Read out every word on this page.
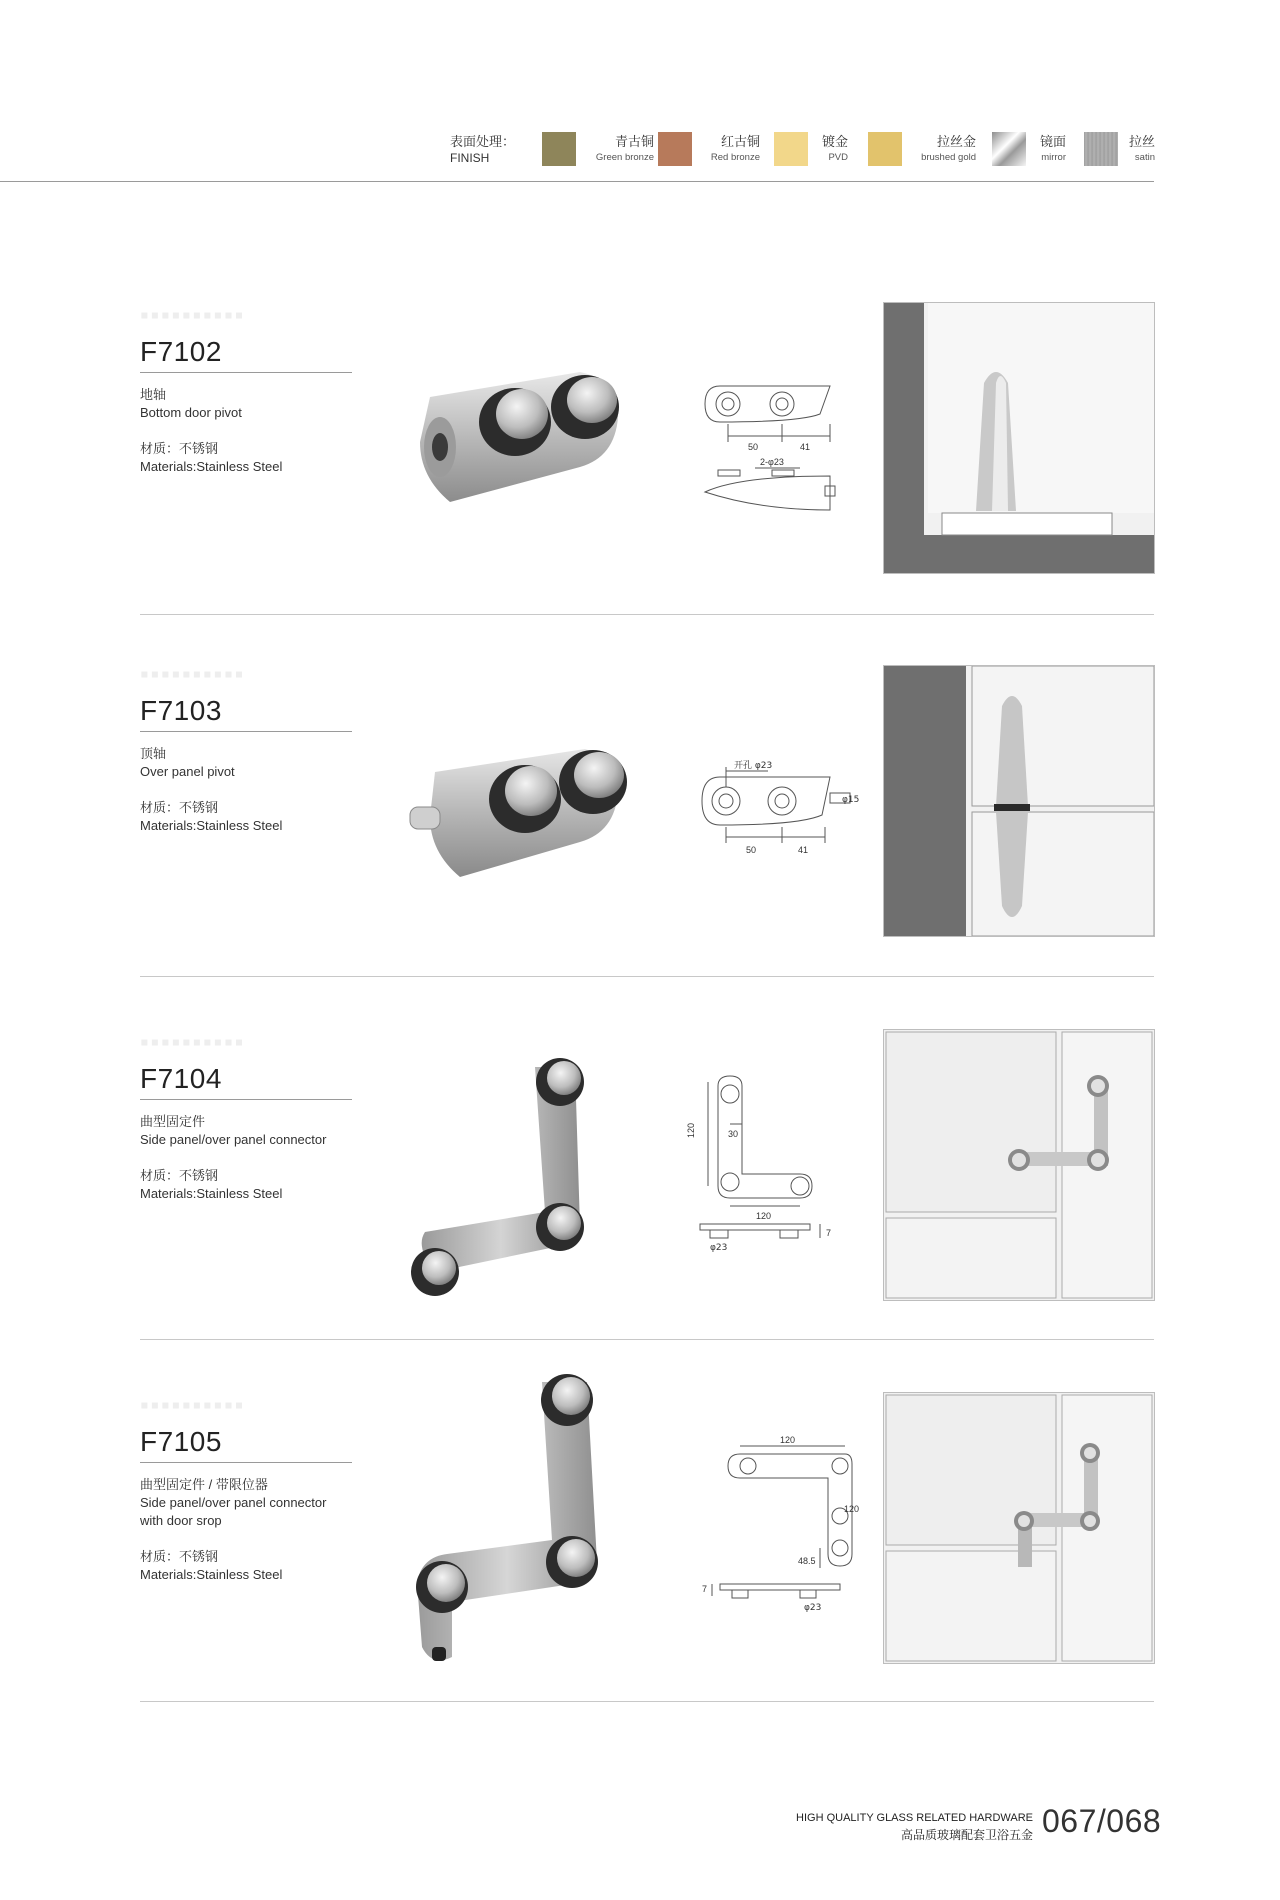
表面处理：
FINISH
青古铜
Green bronze
红古铜
Red bronze
镀金
PVD
拉丝金
brushed gold
镜面
mirror
拉丝
satin
▪▪▪▪▪▪▪▪▪▪
F7102

地轴

Bottom door pivot

材质：不锈钢

Materials:Stainless Steel

50	41
2-φ23
▪▪▪▪▪▪▪▪▪▪
F7103

顶轴

Over panel pivot

材质：不锈钢

Materials:Stainless Steel

开孔 φ23
φ15
50	41
▪▪▪▪▪▪▪▪▪▪
F7104

曲型固定件

Side panel/over panel connector

材质：不锈钢

Materials:Stainless Steel

120	30
120
7
φ23
▪▪▪▪▪▪▪▪▪▪
F7105

曲型固定件 / 带限位器

Side panel/over panel connector

with door srop

材质：不锈钢

Materials:Stainless Steel

120
120
48.5
7
φ23
HIGH QUALITY GLASS RELATED HARDWARE
高品质玻璃配套卫浴五金 067/068
